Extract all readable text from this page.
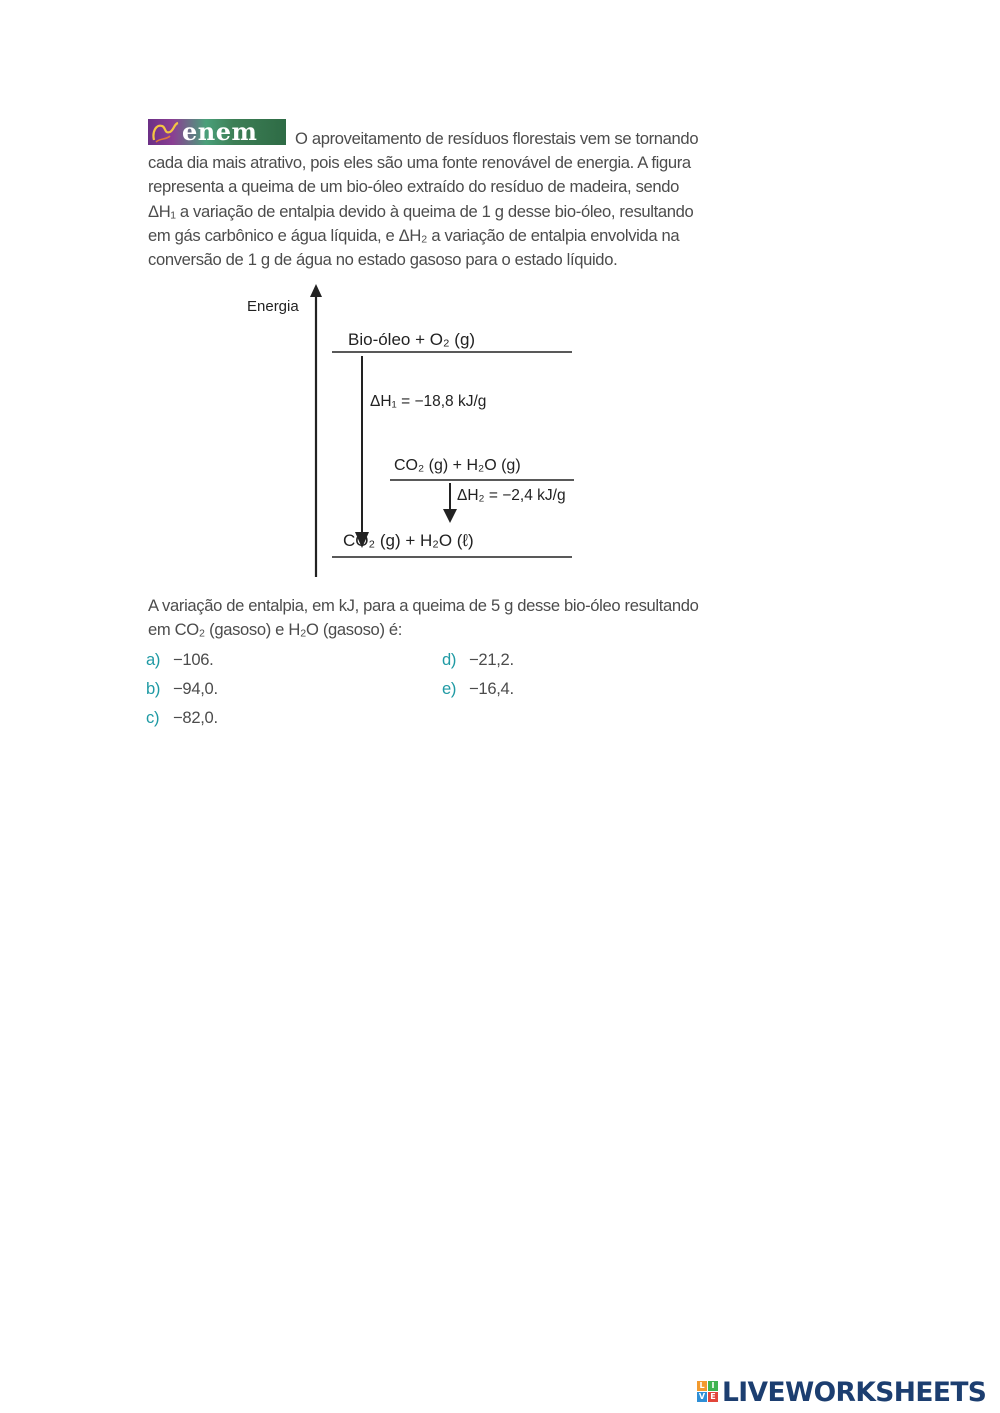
enem	O aproveitamento de resíduos florestais vem se tornando
cada dia mais atrativo, pois eles são uma fonte renovável de energia. A figura
representa a queima de um bio-óleo extraído do resíduo de madeira, sendo
ΔH₁ a variação de entalpia devido à queima de 1 g desse bio-óleo, resultando
em gás carbônico e água líquida, e ΔH₂ a variação de entalpia envolvida na
conversão de 1 g de água no estado gasoso para o estado líquido.
Energia
Bio-óleo + O₂ (g)
ΔH₁ = −18,8 kJ/g
CO₂ (g) + H₂O (g)
ΔH₂ = −2,4 kJ/g
CO₂ (g) + H₂O (ℓ)
A variação de entalpia, em kJ, para a queima de 5 g desse bio-óleo resultando
em CO₂ (gasoso) e H₂O (gasoso) é:
a) −106.
b) −94,0.
c) −82,0.
d) −21,2.
e) −16,4.
L I
V E LIVEWORKSHEETS
